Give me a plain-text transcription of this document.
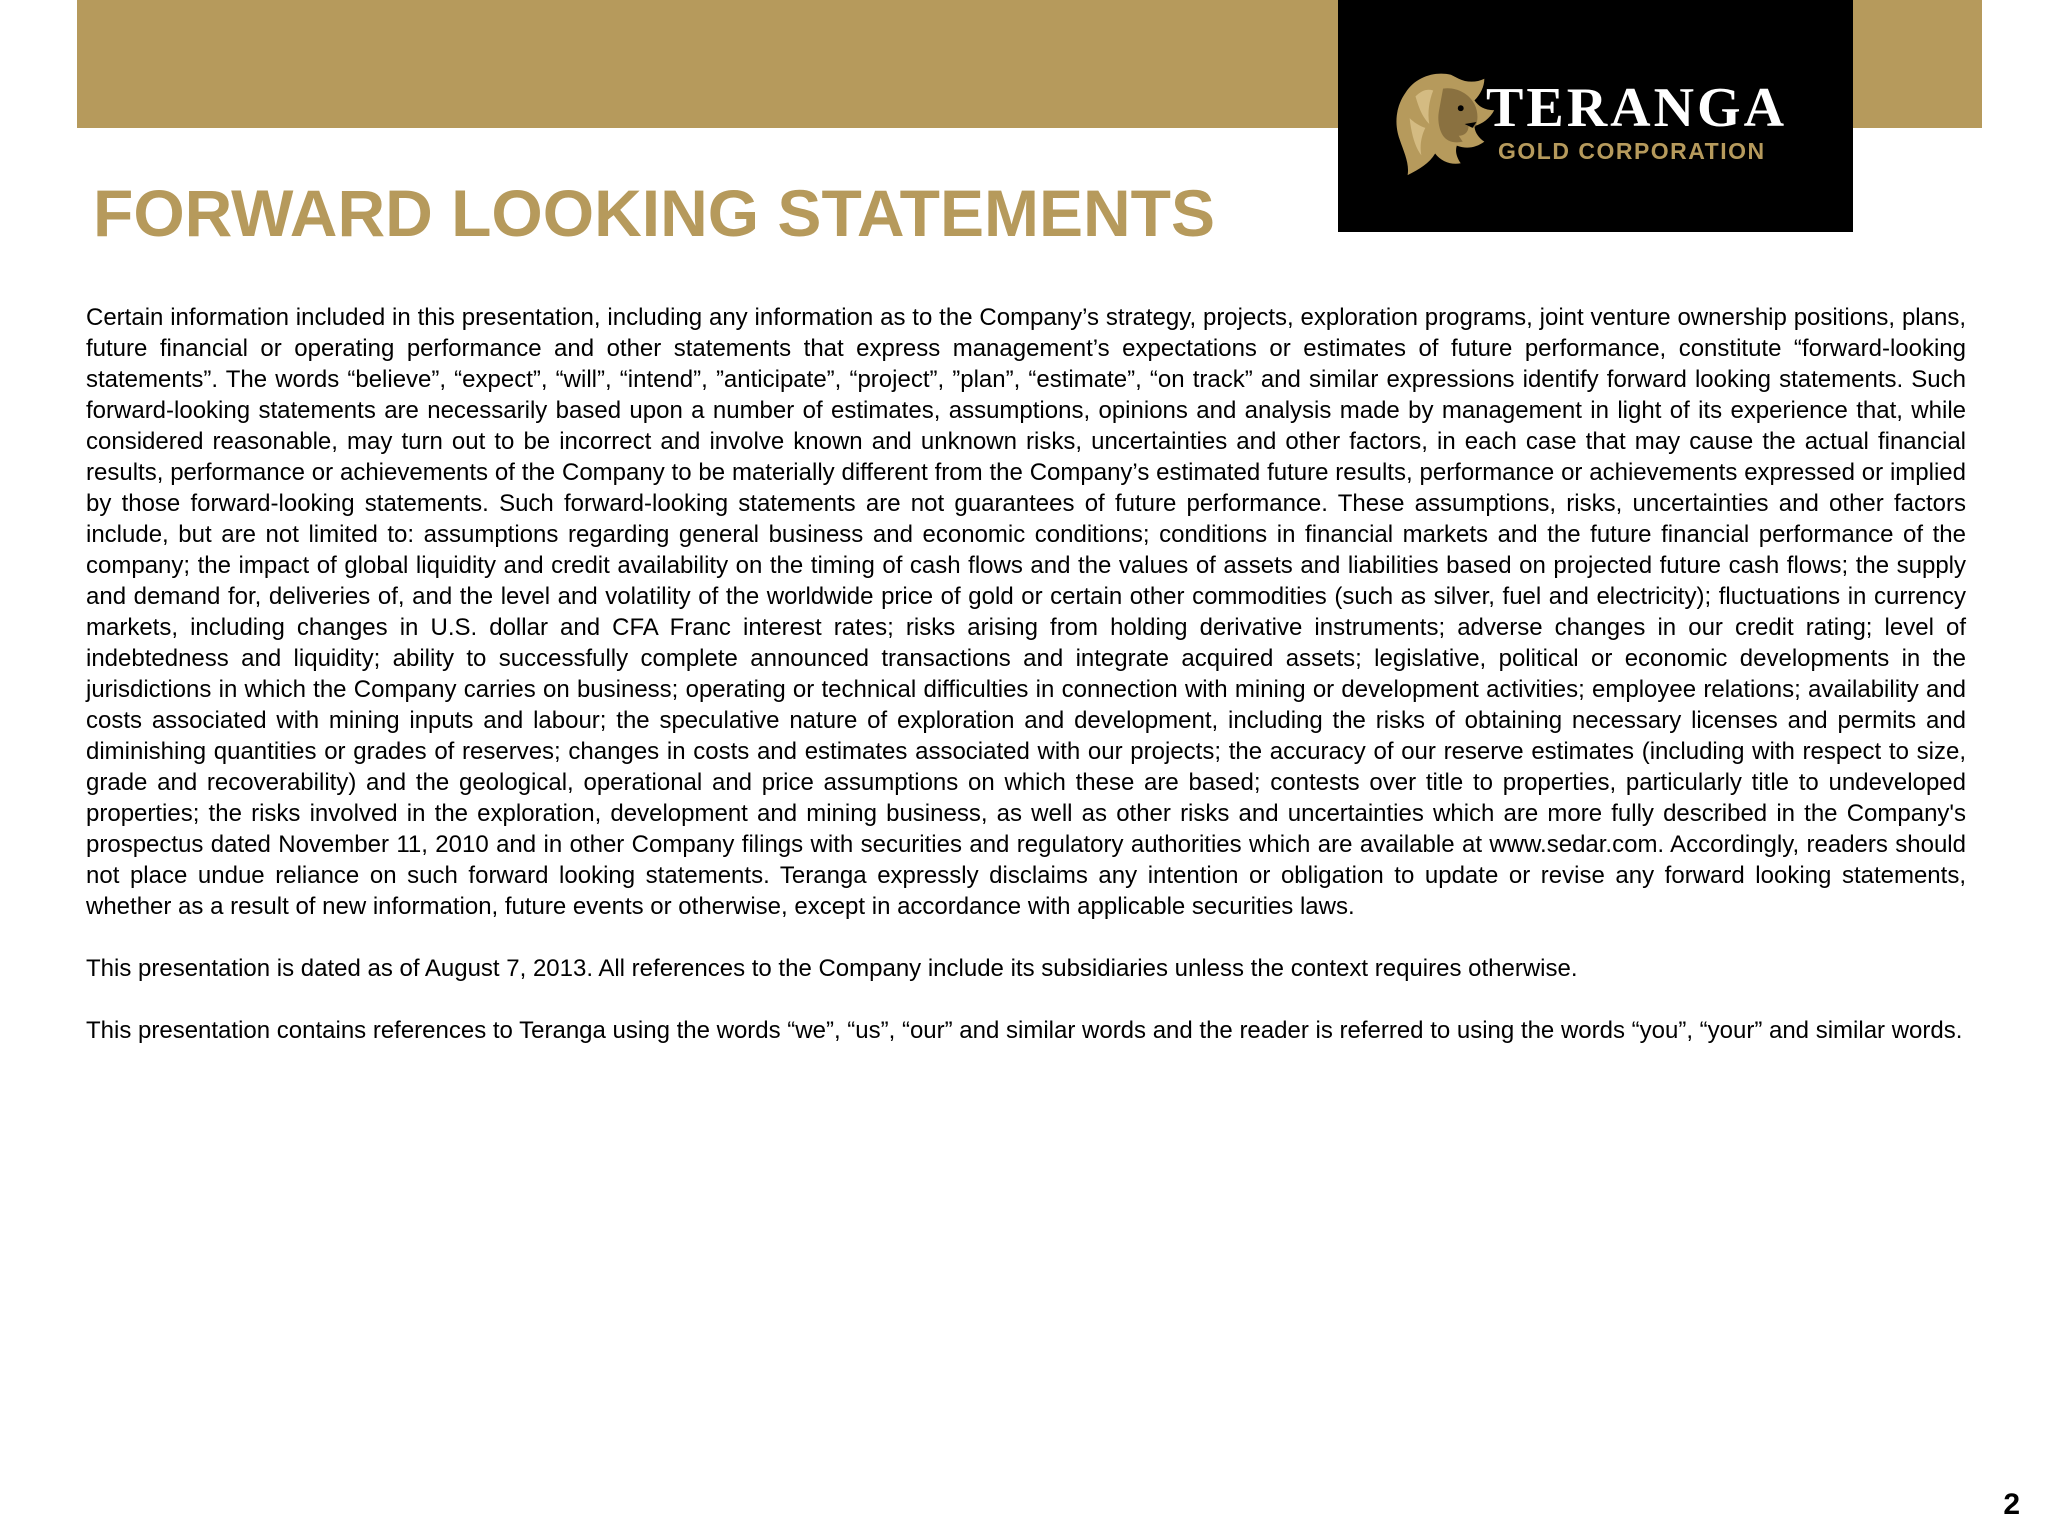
TERANGA
GOLD CORPORATION
FORWARD LOOKING STATEMENTS

Certain information included in this presentation, including any information as to the Company’s strategy, projects, exploration programs, joint venture ownership positions, plans, future financial or operating performance and other statements that express management’s expectations or estimates of future performance, constitute “forward-looking statements”. The words “believe”, “expect”, “will”, “intend”, ”anticipate”, “project”, ”plan”, “estimate”, “on track” and similar expressions identify forward looking statements. Such forward-looking statements are necessarily based upon a number of estimates, assumptions, opinions and analysis made by management in light of its experience that, while considered reasonable, may turn out to be incorrect and involve known and unknown risks, uncertainties and other factors, in each case that may cause the actual financial results, performance or achievements of the Company to be materially different from the Company’s estimated future results, performance or achievements expressed or implied by those forward-looking statements. Such forward-looking statements are not guarantees of future performance. These assumptions, risks, uncertainties and other factors include, but are not limited to: assumptions regarding general business and economic conditions; conditions in financial markets and the future financial performance of the company; the impact of global liquidity and credit availability on the timing of cash flows and the values of assets and liabilities based on projected future cash flows; the supply and demand for, deliveries of, and the level and volatility of the worldwide price of gold or certain other commodities (such as silver, fuel and electricity); fluctuations in currency markets, including changes in U.S. dollar and CFA Franc interest rates; risks arising from holding derivative instruments; adverse changes in our credit rating; level of indebtedness and liquidity; ability to successfully complete announced transactions and integrate acquired assets; legislative, political or economic developments in the jurisdictions in which the Company carries on business; operating or technical difficulties in connection with mining or development activities; employee relations; availability and costs associated with mining inputs and labour; the speculative nature of exploration and development, including the risks of obtaining necessary licenses and permits and diminishing quantities or grades of reserves; changes in costs and estimates associated with our projects; the accuracy of our reserve estimates (including with respect to size, grade and recoverability) and the geological, operational and price assumptions on which these are based; contests over title to properties, particularly title to undeveloped properties; the risks involved in the exploration, development and mining business, as well as other risks and uncertainties which are more fully described in the Company's prospectus dated November 11, 2010 and in other Company filings with securities and regulatory authorities which are available at www.sedar.com. Accordingly, readers should not place undue reliance on such forward looking statements. Teranga expressly disclaims any intention or obligation to update or revise any forward looking statements, whether as a result of new information, future events or otherwise, except in accordance with applicable securities laws.

This presentation is dated as of August 7, 2013. All references to the Company include its subsidiaries unless the context requires otherwise.

This presentation contains references to Teranga using the words “we”, “us”, “our” and similar words and the reader is referred to using the words “you”, “your” and similar words.

2
